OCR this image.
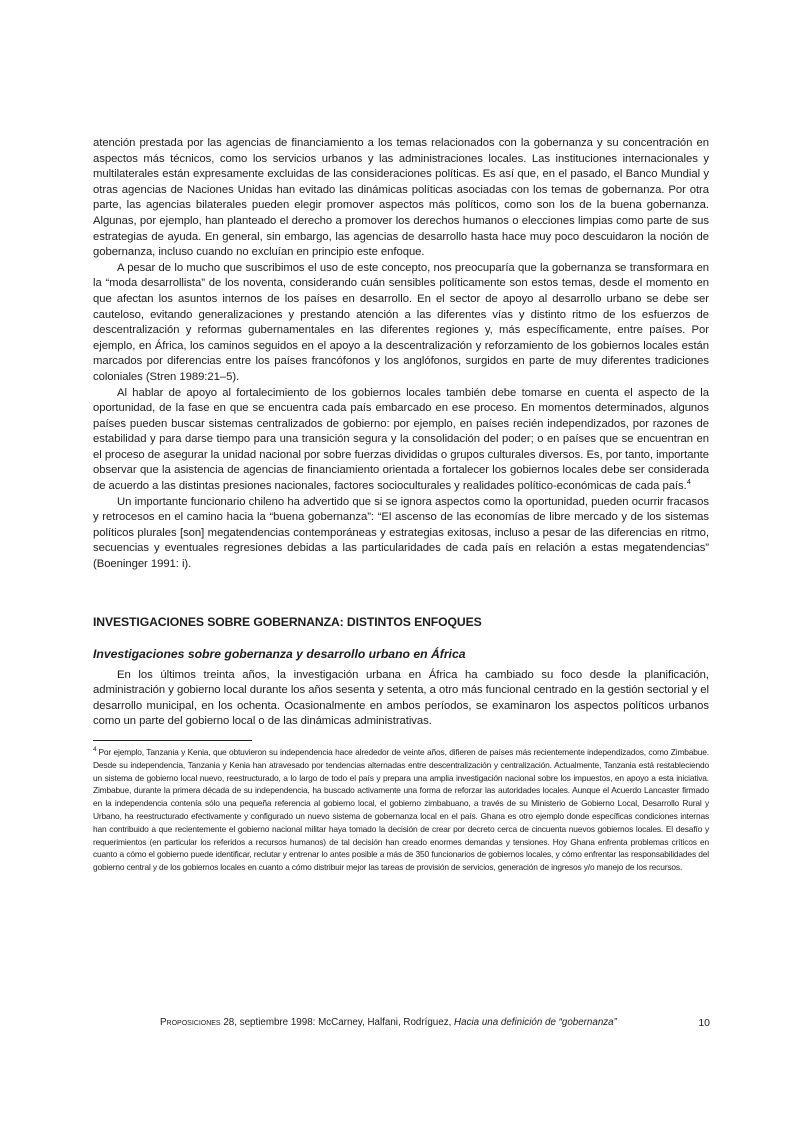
atención prestada por las agencias de financiamiento a los temas relacionados con la gobernanza y su concentración en aspectos más técnicos, como los servicios urbanos y las administraciones locales. Las instituciones internacionales y multilaterales están expresamente excluidas de las consideraciones políticas. Es así que, en el pasado, el Banco Mundial y otras agencias de Naciones Unidas han evitado las dinámicas políticas asociadas con los temas de gobernanza. Por otra parte, las agencias bilaterales pueden elegir promover aspectos más políticos, como son los de la buena gobernanza. Algunas, por ejemplo, han planteado el derecho a promover los derechos humanos o elecciones limpias como parte de sus estrategias de ayuda. En general, sin embargo, las agencias de desarrollo hasta hace muy poco descuidaron la noción de gobernanza, incluso cuando no excluían en principio este enfoque.

A pesar de lo mucho que suscribimos el uso de este concepto, nos preocuparía que la gobernanza se transformara en la “moda desarrollista” de los noventa, considerando cuán sensibles políticamente son estos temas, desde el momento en que afectan los asuntos internos de los países en desarrollo. En el sector de apoyo al desarrollo urbano se debe ser cauteloso, evitando generalizaciones y prestando atención a las diferentes vías y distinto ritmo de los esfuerzos de descentralización y reformas gubernamentales en las diferentes regiones y, más específicamente, entre países. Por ejemplo, en África, los caminos seguidos en el apoyo a la descentralización y reforzamiento de los gobiernos locales están marcados por diferencias entre los países francófonos y los anglófonos, surgidos en parte de muy diferentes tradiciones coloniales (Stren 1989:21–5).

Al hablar de apoyo al fortalecimiento de los gobiernos locales también debe tomarse en cuenta el aspecto de la oportunidad, de la fase en que se encuentra cada país embarcado en ese proceso. En momentos determinados, algunos países pueden buscar sistemas centralizados de gobierno: por ejemplo, en países recién independizados, por razones de estabilidad y para darse tiempo para una transición segura y la consolidación del poder; o en países que se encuentran en el proceso de asegurar la unidad nacional por sobre fuerzas divididas o grupos culturales diversos. Es, por tanto, importante observar que la asistencia de agencias de financiamiento orientada a fortalecer los gobiernos locales debe ser considerada de acuerdo a las distintas presiones nacionales, factores socioculturales y realidades político-económicas de cada país.$^4$

Un importante funcionario chileno ha advertido que si se ignora aspectos como la oportunidad, pueden ocurrir fracasos y retrocesos en el camino hacia la “buena gobernanza”: “El ascenso de las economías de libre mercado y de los sistemas políticos plurales [son] megatendencias contemporáneas y estrategias exitosas, incluso a pesar de las diferencias en ritmo, secuencias y eventuales regresiones debidas a las particularidades de cada país en relación a estas megatendencias” (Boeninger 1991: i).

INVESTIGACIONES SOBRE GOBERNANZA: DISTINTOS ENFOQUES
Investigaciones sobre gobernanza y desarrollo urbano en África

En los últimos treinta años, la investigación urbana en África ha cambiado su foco desde la planificación, administración y gobierno local durante los años sesenta y setenta, a otro más funcional centrado en la gestión sectorial y el desarrollo municipal, en los ochenta. Ocasionalmente en ambos períodos, se examinaron los aspectos políticos urbanos como un parte del gobierno local o de las dinámicas administrativas.

$^4$ Por ejemplo, Tanzania y Kenia, que obtuvieron su independencia hace alrededor de veinte años, difieren de países más recientemente independizados, como Zimbabue. Desde su independencia, Tanzania y Kenia han atravesado por tendencias alternadas entre descentralización y centralización. Actualmente, Tanzania está restableciendo un sistema de gobierno local nuevo, reestructurado, a lo largo de todo el país y prepara una amplia investigación nacional sobre los impuestos, en apoyo a esta iniciativa. Zimbabue, durante la primera década de su independencia, ha buscado activamente una forma de reforzar las autoridades locales. Aunque el Acuerdo Lancaster firmado en la independencia contenía sólo una pequeña referencia al gobierno local, el gobierno zimbabuano, a través de su Ministerio de Gobierno Local, Desarrollo Rural y Urbano, ha reestructurado efectivamente y configurado un nuevo sistema de gobernanza local en el país. Ghana es otro ejemplo donde específicas condiciones internas han contribuido a que recientemente el gobierno nacional militar haya tomado la decisión de crear por decreto cerca de cincuenta nuevos gobiernos locales. El desafío y requerimientos (en particular los referidos a recursos humanos) de tal decisión han creado enormes demandas y tensiones. Hoy Ghana enfrenta problemas críticos en cuanto a cómo el gobierno puede identificar, reclutar y entrenar lo antes posible a más de 350 funcionarios de gobiernos locales, y cómo enfrentar las responsabilidades del gobierno central y de los gobiernos locales en cuanto a cómo distribuir mejor las tareas de provisión de servicios, generación de ingresos y/o manejo de los recursos.

Proposiciones 28, septiembre 1998: McCarney, Halfani, Rodríguez, Hacia una definición de “gobernanza”	10
